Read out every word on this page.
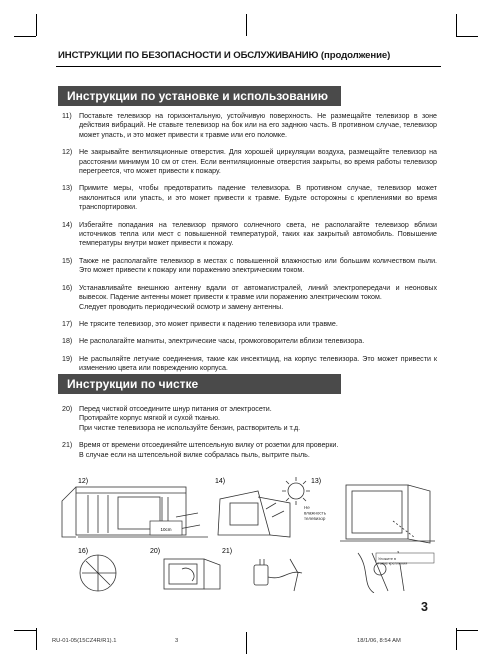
ИНСТРУКЦИИ ПО БЕЗОПАСНОСТИ И ОБСЛУЖИВАНИЮ (продолжение)
Инструкции по установке и использованию
11)	Поставьте телевизор на горизонтальную, устойчивую поверхность. Не размещайте телевизор в зоне действия вибраций. Не ставьте телевизор на бок или на его заднюю часть. В противном случае, телевизор может упасть, и это может привести к травме или его поломке.
12) Не закрывайте вентиляционные отверстия. Для хорошей циркуляции воздуха, размещайте телевизор на расстоянии минимум 10 см от стен. Если вентиляционные отверстия закрыты, во время работы телевизор перегреется, что может привести к пожару.
13) Примите меры, чтобы предотвратить падение телевизора. В противном случае, телевизор может наклониться или упасть, и это может привести к травме. Будьте осторожны с креплениями во время транспортировки.
14) Избегайте попадания на телевизор прямого солнечного света, не располагайте телевизор вблизи источников тепла или мест с повышенной температурой, таких как закрытый автомобиль. Повышение температуры внутри может привести к пожару.
15) Также не располагайте телевизор в местах с повышенной влажностью или большим количеством пыли. Это может привести к пожару или поражению электрическим током.
16) Устанавливайте внешнюю антенну вдали от автомагистралей, линий электропередачи и неоновых вывесок. Падение антенны может привести к травме или поражению электрическим током.
Следует проводить периодический осмотр и замену антенны.
17) Не трясите телевизор, это может привести к падению телевизора или травме.
18) Не располагайте магниты, электрические часы, громкоговорители вблизи телевизора.
19) Не распыляйте летучие соединения, такие как инсектицид, на корпус телевизора. Это может привести к изменению цвета или повреждению корпуса.
Инструкции по чистке
20) Перед чисткой отсоедините шнур питания от электросети.
Протирайте корпус мягкой и сухой тканью.
При чистке телевизора не используйте бензин, растворитель и т.д.
21) Время от времени отсоединяйте штепсельную вилку от розетки для проверки.
В случае если на штепсельной вилке собралась пыль, вытрите пыль.
10cm
12)	14)	13)
16)	20)	21)
Не влажность телевизор
Уложите в такие крепления
3
RU-01-05(15CZ4R/R1).1	3	18/1/06, 8:54 AM
